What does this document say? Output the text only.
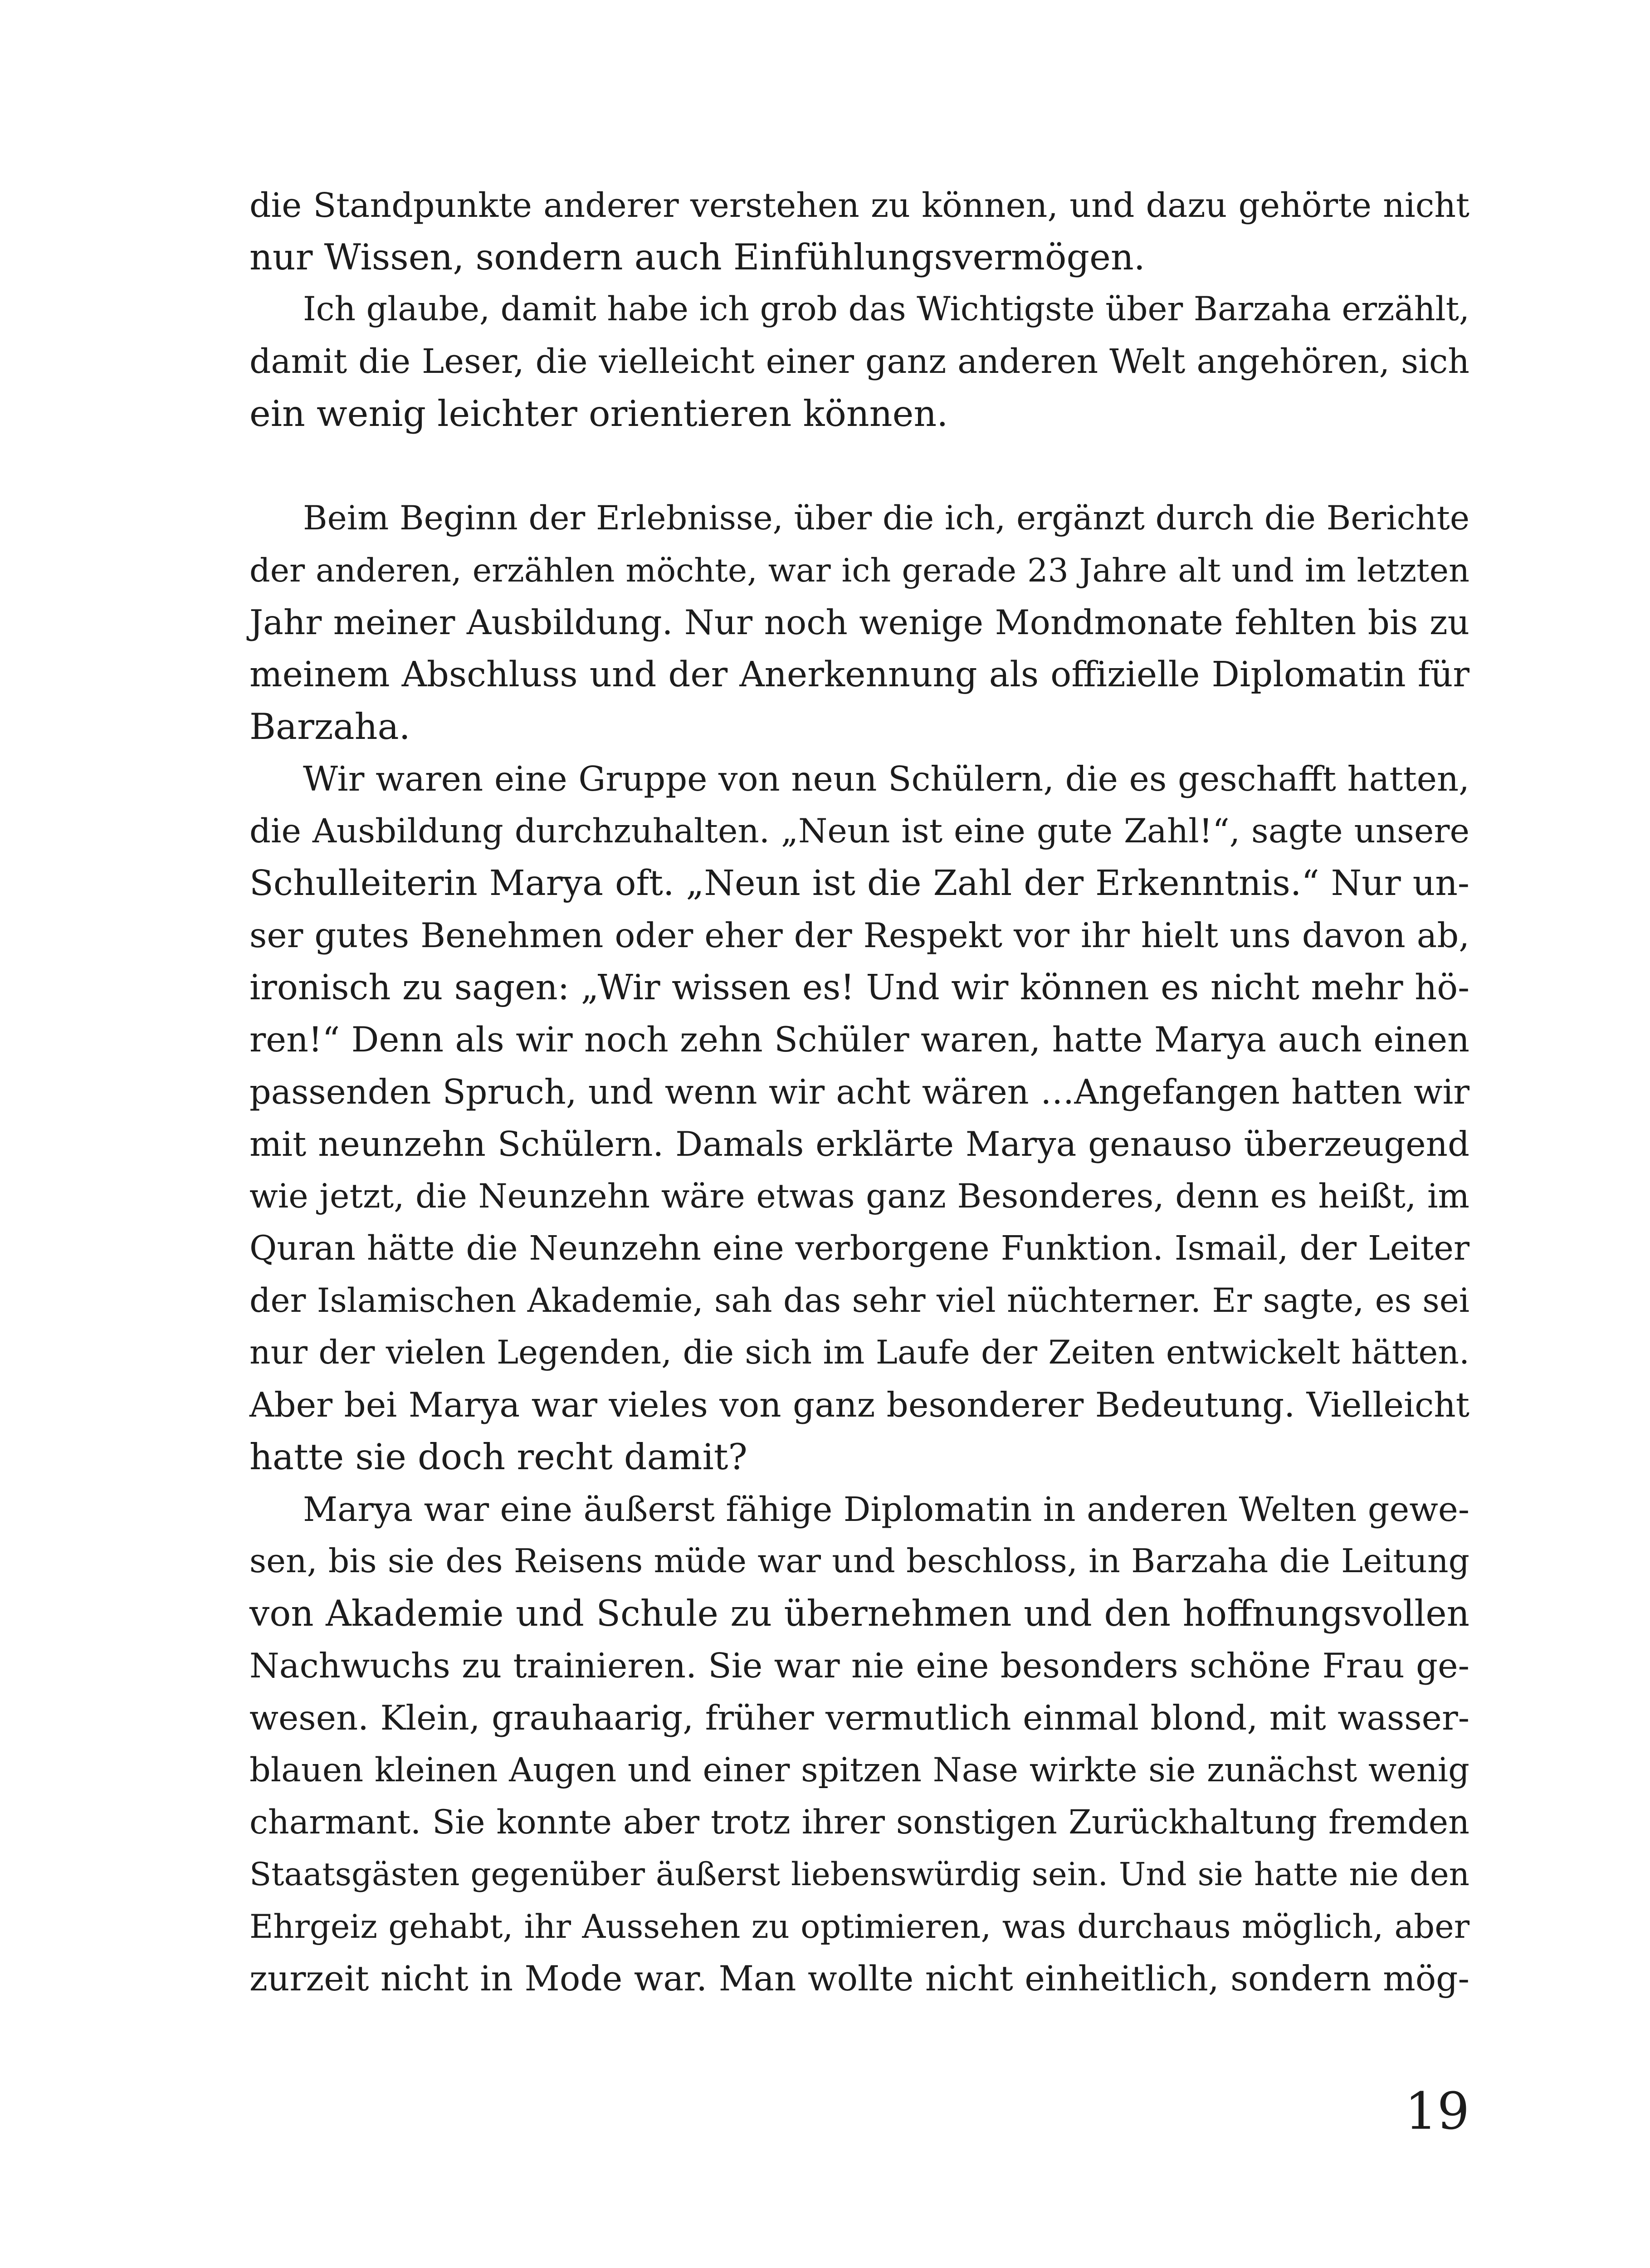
die Standpunkte anderer verstehen zu können, und dazu gehörte nicht
nur Wissen, sondern auch Einfühlungsvermögen.
Ich glaube, damit habe ich grob das Wichtigste über Barzaha erzählt,
damit die Leser, die vielleicht einer ganz anderen Welt angehören, sich
ein wenig leichter orientieren können.
Beim Beginn der Erlebnisse, über die ich, ergänzt durch die Berichte
der anderen, erzählen möchte, war ich gerade 23 Jahre alt und im letzten
Jahr meiner Ausbildung. Nur noch wenige Mondmonate fehlten bis zu
meinem Abschluss und der Anerkennung als offizielle Diplomatin für
Barzaha.
Wir waren eine Gruppe von neun Schülern, die es geschafft hatten,
die Ausbildung durchzuhalten. „Neun ist eine gute Zahl!“, sagte unsere
Schulleiterin Marya oft. „Neun ist die Zahl der Erkenntnis.“ Nur un-
ser gutes Benehmen oder eher der Respekt vor ihr hielt uns davon ab,
ironisch zu sagen: „Wir wissen es! Und wir können es nicht mehr hö-
ren!“ Denn als wir noch zehn Schüler waren, hatte Marya auch einen
passenden Spruch, und wenn wir acht wären …Angefangen hatten wir
mit neunzehn Schülern. Damals erklärte Marya genauso überzeugend
wie jetzt, die Neunzehn wäre etwas ganz Besonderes, denn es heißt, im
Quran hätte die Neunzehn eine verborgene Funktion. Ismail, der Leiter
der Islamischen Akademie, sah das sehr viel nüchterner. Er sagte, es sei
nur der vielen Legenden, die sich im Laufe der Zeiten entwickelt hätten.
Aber bei Marya war vieles von ganz besonderer Bedeutung. Vielleicht
hatte sie doch recht damit?
Marya war eine äußerst fähige Diplomatin in anderen Welten gewe-
sen, bis sie des Reisens müde war und beschloss, in Barzaha die Leitung
von Akademie und Schule zu übernehmen und den hoffnungsvollen
Nachwuchs zu trainieren. Sie war nie eine besonders schöne Frau ge-
wesen. Klein, grauhaarig, früher vermutlich einmal blond, mit wasser-
blauen kleinen Augen und einer spitzen Nase wirkte sie zunächst wenig
charmant. Sie konnte aber trotz ihrer sonstigen Zurückhaltung fremden
Staatsgästen gegenüber äußerst liebenswürdig sein. Und sie hatte nie den
Ehrgeiz gehabt, ihr Aussehen zu optimieren, was durchaus möglich, aber
zurzeit nicht in Mode war. Man wollte nicht einheitlich, sondern mög-
19
